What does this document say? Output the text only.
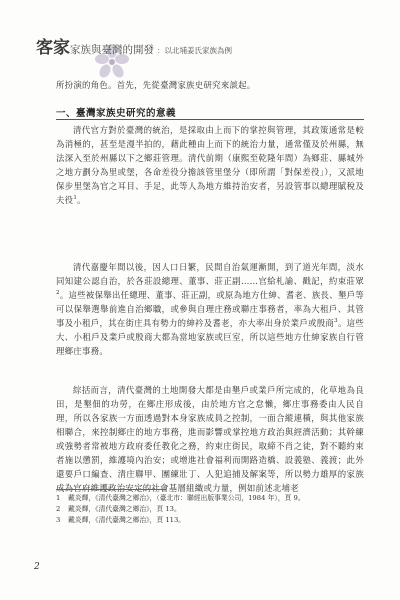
客家家族與臺灣的開發 ：以北埔姜氏家族為例
所扮演的角色。首先，先從臺灣家族史研究來談起。
一、臺灣家族史研究的意義
清代官方對於臺灣的統治，是採取由上而下的掌控與管理，其政策通常是較為消極的，甚至是漫半拍的，藉此種由上而下的統治力量，通常僅及於州縣，無法深入至於州縣以下之鄉莊管理。清代前期（康熙至乾隆年間）為鄉莊、縣城外之地方劃分為里或堡，各命差役分擔該管里堡分（即所謂「對保差役」），又派地保步里堡為官之耳目、手足，此等人為地方維持治安者，另設管事以總理賦稅及夫役$^1$。
清代嘉慶年間以後，因人口日繁，民間自治氣運漸開，到了道光年間，淡水同知建公認自治，於各莊設總理、董事、莊正副……官給札諭、戳記，約束莊眾$^2$。這些被保舉出任總理、董事、莊正副，或原為地方仕紳、耆老、族長、墾戶等可以保舉選舉前進自治鄉職，或參與自理庄務或聯庄事務者，率為大租戶、其管事及小租戶，其在街庄具有勢力的紳衿及耆老，亦大率出身於業戶或殷商$^3$。這些大、小租戶及業戶或殷商大都為當地家族或巨室，所以這些地方仕紳家族自行管理鄉庄事務。
綜括而言，清代臺灣的土地開發大都是由墾戶或業戶所完成的，化草地為良田，是墾佃的功勞，在鄉庄形成後，由於地方官之怠懶，鄉庄事務委由人民自理，所以各家族一方面透過對本身家族成員之控制，一面合縱連橫，與其他家族相聯合，來控制鄉庄的地方事務，進而影響或掌控地方政治與經濟活動；其幹練或強勢者常被地方政府委任教化之務，約束庄街民，取締不肖之徒，對不聽約束者施以懲罰，維護境內治安；或增進社會福利而開路造橋、設義塾、義渡；此外還要戶口編查、清庄聯甲、團練壯丁、人犯追捕及解案等，所以勢力雄厚的家族成為官府維護政治安定的社會基層組織或力量，例如前述北埔老
1 戴炎輝，《清代臺灣之鄉治》，（臺北市：聯經出版事業公司，1984 年），頁 9。
2 戴炎輝，《清代臺灣之鄉治》，頁 13。
3 戴炎輝，《清代臺灣之鄉治》，頁 113。
2
